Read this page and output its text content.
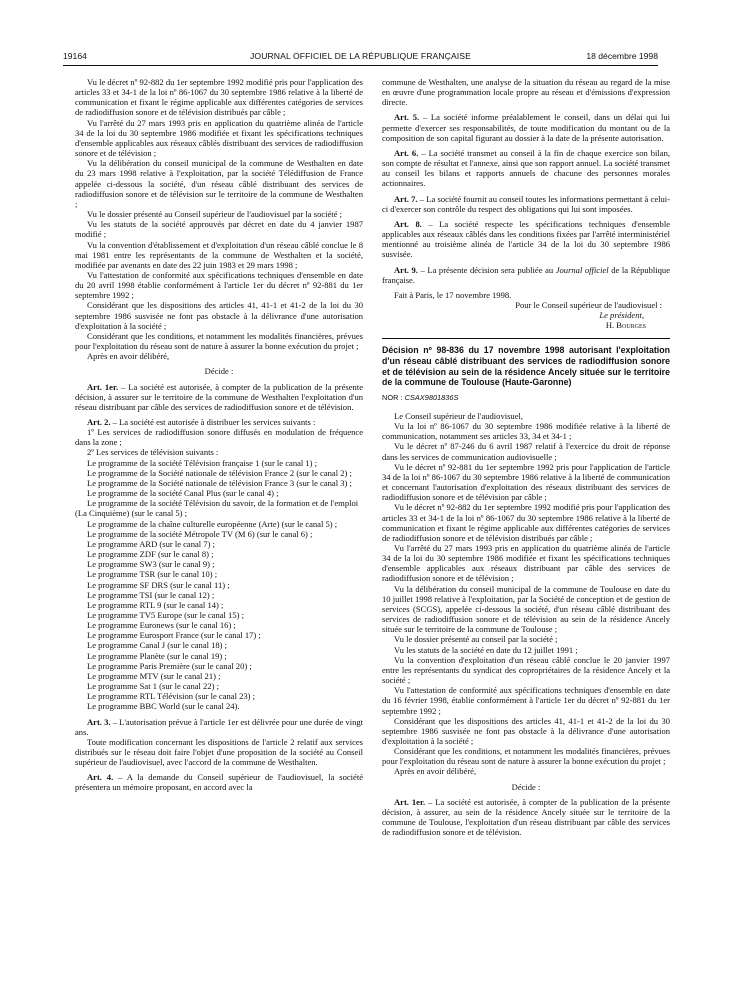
19164	JOURNAL OFFICIEL DE LA RÉPUBLIQUE FRANÇAISE	18 décembre 1998

Vu le décret nº 92-882 du 1er septembre 1992 modifié pris pour l'application des articles 33 et 34-1 de la loi nº 86-1067 du 30 septembre 1986 relative à la liberté de communication et fixant le régime applicable aux différentes catégories de services de radiodiffusion sonore et de télévision distribués par câble ;

Vu l'arrêté du 27 mars 1993 pris en application du quatrième alinéa de l'article 34 de la loi du 30 septembre 1986 modifiée et fixant les spécifications techniques d'ensemble applicables aux réseaux câblés distribuant des services de radiodiffusion sonore et de télévision ;

Vu la délibération du conseil municipal de la commune de Westhalten en date du 23 mars 1998 relative à l'exploitation, par la société Télédiffusion de France appelée ci-dessous la société, d'un réseau câblé distribuant des services de radiodiffusion sonore et de télévision sur le territoire de la commune de Westhalten ;

Vu le dossier présenté au Conseil supérieur de l'audiovisuel par la société ;

Vu les statuts de la société approuvés par décret en date du 4 janvier 1987 modifié ;

Vu la convention d'établissement et d'exploitation d'un réseau câblé conclue le 8 mai 1981 entre les représentants de la commune de Westhalten et la société, modifiée par avenants en date des 22 juin 1983 et 29 mars 1998 ;

Vu l'attestation de conformité aux spécifications techniques d'ensemble en date du 20 avril 1998 établie conformément à l'article 1er du décret nº 92-881 du 1er septembre 1992 ;

Considérant que les dispositions des articles 41, 41-1 et 41-2 de la loi du 30 septembre 1986 susvisée ne font pas obstacle à la délivrance d'une autorisation d'exploitation à la société ;

Considérant que les conditions, et notamment les modalités financières, prévues pour l'exploitation du réseau sont de nature à assurer la bonne exécution du projet ;

Après en avoir délibéré,

Décide :

Art. 1er. – La société est autorisée, à compter de la publication de la présente décision, à assurer sur le territoire de la commune de Westhalten l'exploitation d'un réseau distribuant par câble des services de radiodiffusion sonore et de télévision.

Art. 2. – La société est autorisée à distribuer les services suivants :

1º Les services de radiodiffusion sonore diffusés en modulation de fréquence dans la zone ;

2º Les services de télévision suivants :

Le programme de la société Télévision française 1 (sur le canal 1) ;

Le programme de la Société nationale de télévision France 2 (sur le canal 2) ;

Le programme de la Société nationale de télévision France 3 (sur le canal 3) ;

Le programme de la société Canal Plus (sur le canal 4) ;

Le programme de la société Télévision du savoir, de la formation et de l'emploi (La Cinquième) (sur le canal 5) ;

Le programme de la chaîne culturelle européenne (Arte) (sur le canal 5) ;

Le programme de la société Métropole TV (M 6) (sur le canal 6) ;

Le programme ARD (sur le canal 7) ;

Le programme ZDF (sur le canal 8) ;

Le programme SW3 (sur le canal 9) ;

Le programme TSR (sur le canal 10) ;

Le programme SF DRS (sur le canal 11) ;

Le programme TSI (sur le canal 12) ;

Le programme RTL 9 (sur le canal 14) ;

Le programme TV5 Europe (sur le canal 15) ;

Le programme Euronews (sur le canal 16) ;

Le programme Eurosport France (sur le canal 17) ;

Le programme Canal J (sur le canal 18) ;

Le programme Planète (sur le canal 19) ;

Le programme Paris Première (sur le canal 20) ;

Le programme MTV (sur le canal 21) ;

Le programme Sat 1 (sur le canal 22) ;

Le programme RTL Télévision (sur le canal 23) ;

Le programme BBC World (sur le canal 24).

Art. 3. – L'autorisation prévue à l'article 1er est délivrée pour une durée de vingt ans.

Toute modification concernant les dispositions de l'article 2 relatif aux services distribués sur le réseau doit faire l'objet d'une proposition de la société au Conseil supérieur de l'audiovisuel, avec l'accord de la commune de Westhalten.

Art. 4. – A la demande du Conseil supérieur de l'audiovisuel, la société présentera un mémoire proposant, en accord avec la

commune de Westhalten, une analyse de la situation du réseau au regard de la mise en œuvre d'une programmation locale propre au réseau et d'émissions d'expression directe.

Art. 5. – La société informe préalablement le conseil, dans un délai qui lui permette d'exercer ses responsabilités, de toute modification du montant ou de la composition de son capital figurant au dossier à la date de la présente autorisation.

Art. 6. – La société transmet au conseil à la fin de chaque exercice son bilan, son compte de résultat et l'annexe, ainsi que son rapport annuel. La société transmet au conseil les bilans et rapports annuels de chacune des personnes morales actionnaires.

Art. 7. – La société fournit au conseil toutes les informations permettant à celui-ci d'exercer son contrôle du respect des obligations qui lui sont imposées.

Art. 8. – La société respecte les spécifications techniques d'ensemble applicables aux réseaux câblés dans les conditions fixées par l'arrêté interministériel mentionné au troisième alinéa de l'article 34 de la loi du 30 septembre 1986 susvisée.

Art. 9. – La présente décision sera publiée au Journal officiel de la République française.

Fait à Paris, le 17 novembre 1998.

Pour le Conseil supérieur de l'audiovisuel :

Le président,

H. Bourges

Décision nº 98-836 du 17 novembre 1998 autorisant l'exploitation d'un réseau câblé distribuant des services de radiodiffusion sonore et de télévision au sein de la résidence Ancely située sur le territoire de la commune de Toulouse (Haute-Garonne)

NOR : CSAX9801836S

Le Conseil supérieur de l'audiovisuel,

Vu la loi nº 86-1067 du 30 septembre 1986 modifiée relative à la liberté de communication, notamment ses articles 33, 34 et 34-1 ;

Vu le décret nº 87-246 du 6 avril 1987 relatif à l'exercice du droit de réponse dans les services de communication audiovisuelle ;

Vu le décret nº 92-881 du 1er septembre 1992 pris pour l'application de l'article 34 de la loi nº 86-1067 du 30 septembre 1986 relative à la liberté de communication et concernant l'autorisation d'exploitation des réseaux distribuant des services de radiodiffusion sonore et de télévision par câble ;

Vu le décret nº 92-882 du 1er septembre 1992 modifié pris pour l'application des articles 33 et 34-1 de la loi nº 86-1067 du 30 septembre 1986 relative à la liberté de communication et fixant le régime applicable aux différentes catégories de services de radiodiffusion sonore et de télévision distribués par câble ;

Vu l'arrêté du 27 mars 1993 pris en application du quatrième alinéa de l'article 34 de la loi du 30 septembre 1986 modifiée et fixant les spécifications techniques d'ensemble applicables aux réseaux distribuant par câble des services de radiodiffusion sonore et de télévision ;

Vu la délibération du conseil municipal de la commune de Toulouse en date du 10 juillet 1998 relative à l'exploitation, par la Société de conception et de gestion de services (SCGS), appelée ci-dessous la société, d'un réseau câblé distribuant des services de radiodiffusion sonore et de télévision au sein de la résidence Ancely située sur le territoire de la commune de Toulouse ;

Vu le dossier présenté au conseil par la société ;

Vu les statuts de la société en date du 12 juillet 1991 ;

Vu la convention d'exploitation d'un réseau câblé conclue le 20 janvier 1997 entre les représentants du syndicat des copropriétaires de la résidence Ancely et la société ;

Vu l'attestation de conformité aux spécifications techniques d'ensemble en date du 16 février 1998, établie conformément à l'article 1er du décret nº 92-881 du 1er septembre 1992 ;

Considérant que les dispositions des articles 41, 41-1 et 41-2 de la loi du 30 septembre 1986 susvisée ne font pas obstacle à la délivrance d'une autorisation d'exploitation à la société ;

Considérant que les conditions, et notamment les modalités financières, prévues pour l'exploitation du réseau sont de nature à assurer la bonne exécution du projet ;

Après en avoir délibéré,

Décide :

Art. 1er. – La société est autorisée, à compter de la publication de la présente décision, à assurer, au sein de la résidence Ancely située sur le territoire de la commune de Toulouse, l'exploitation d'un réseau distribuant par câble des services de radiodiffusion sonore et de télévision.
